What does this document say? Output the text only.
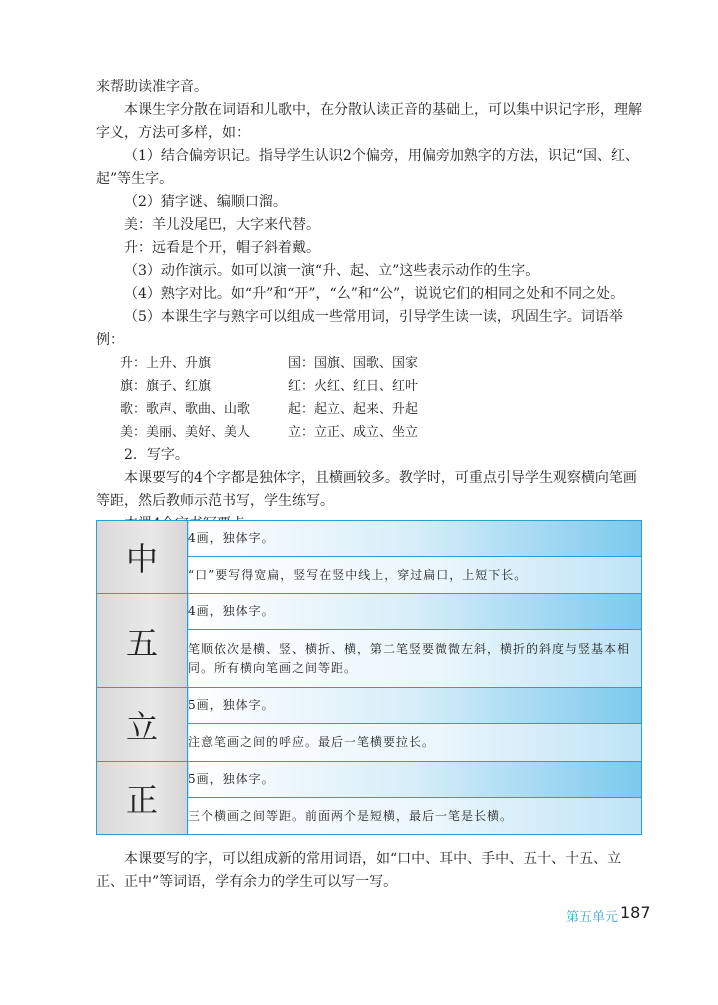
来帮助读准字音。

本课生字分散在词语和儿歌中，在分散认读正音的基础上，可以集中识记字形，理解字义，方法可多样，如：

（1）结合偏旁识记。指导学生认识2个偏旁，用偏旁加熟字的方法，识记“国、红、起”等生字。

（2）猜字谜、编顺口溜。

美：羊儿没尾巴，大字来代替。

升：远看是个开，帽子斜着戴。

（3）动作演示。如可以演一演“升、起、立”这些表示动作的生字。

（4）熟字对比。如“升”和“开”，“么”和“公”，说说它们的相同之处和不同之处。

（5）本课生字与熟字可以组成一些常用词，引导学生读一读，巩固生字。词语举例：

升：上升、升旗	国：国旗、国歌、国家
旗：旗子、红旗	红：火红、红日、红叶
歌：歌声、歌曲、山歌	起：起立、起来、升起
美：美丽、美好、美人	立：立正、成立、坐立

2．写字。

本课要写的4个字都是独体字，且横画较多。教学时，可重点引导学生观察横向笔画等距，然后教师示范书写，学生练写。

中	4画，独体字。
	“口”要写得宽扁，竖写在竖中线上，穿过扁口，上短下长。
五	4画，独体字。
	笔顺依次是横、竖、横折、横，第二笔竖要微微左斜，横折的斜度与竖基本相同。所有横向笔画之间等距。
立	5画，独体字。
	注意笔画之间的呼应。最后一笔横要拉长。
正	5画，独体字。
	三个横画之间等距。前面两个是短横，最后一笔是长横。

本课要写的字，可以组成新的常用词语，如“口中、耳中、手中、五十、十五、立正、正中”等词语，学有余力的学生可以写一写。

第五单元 187
